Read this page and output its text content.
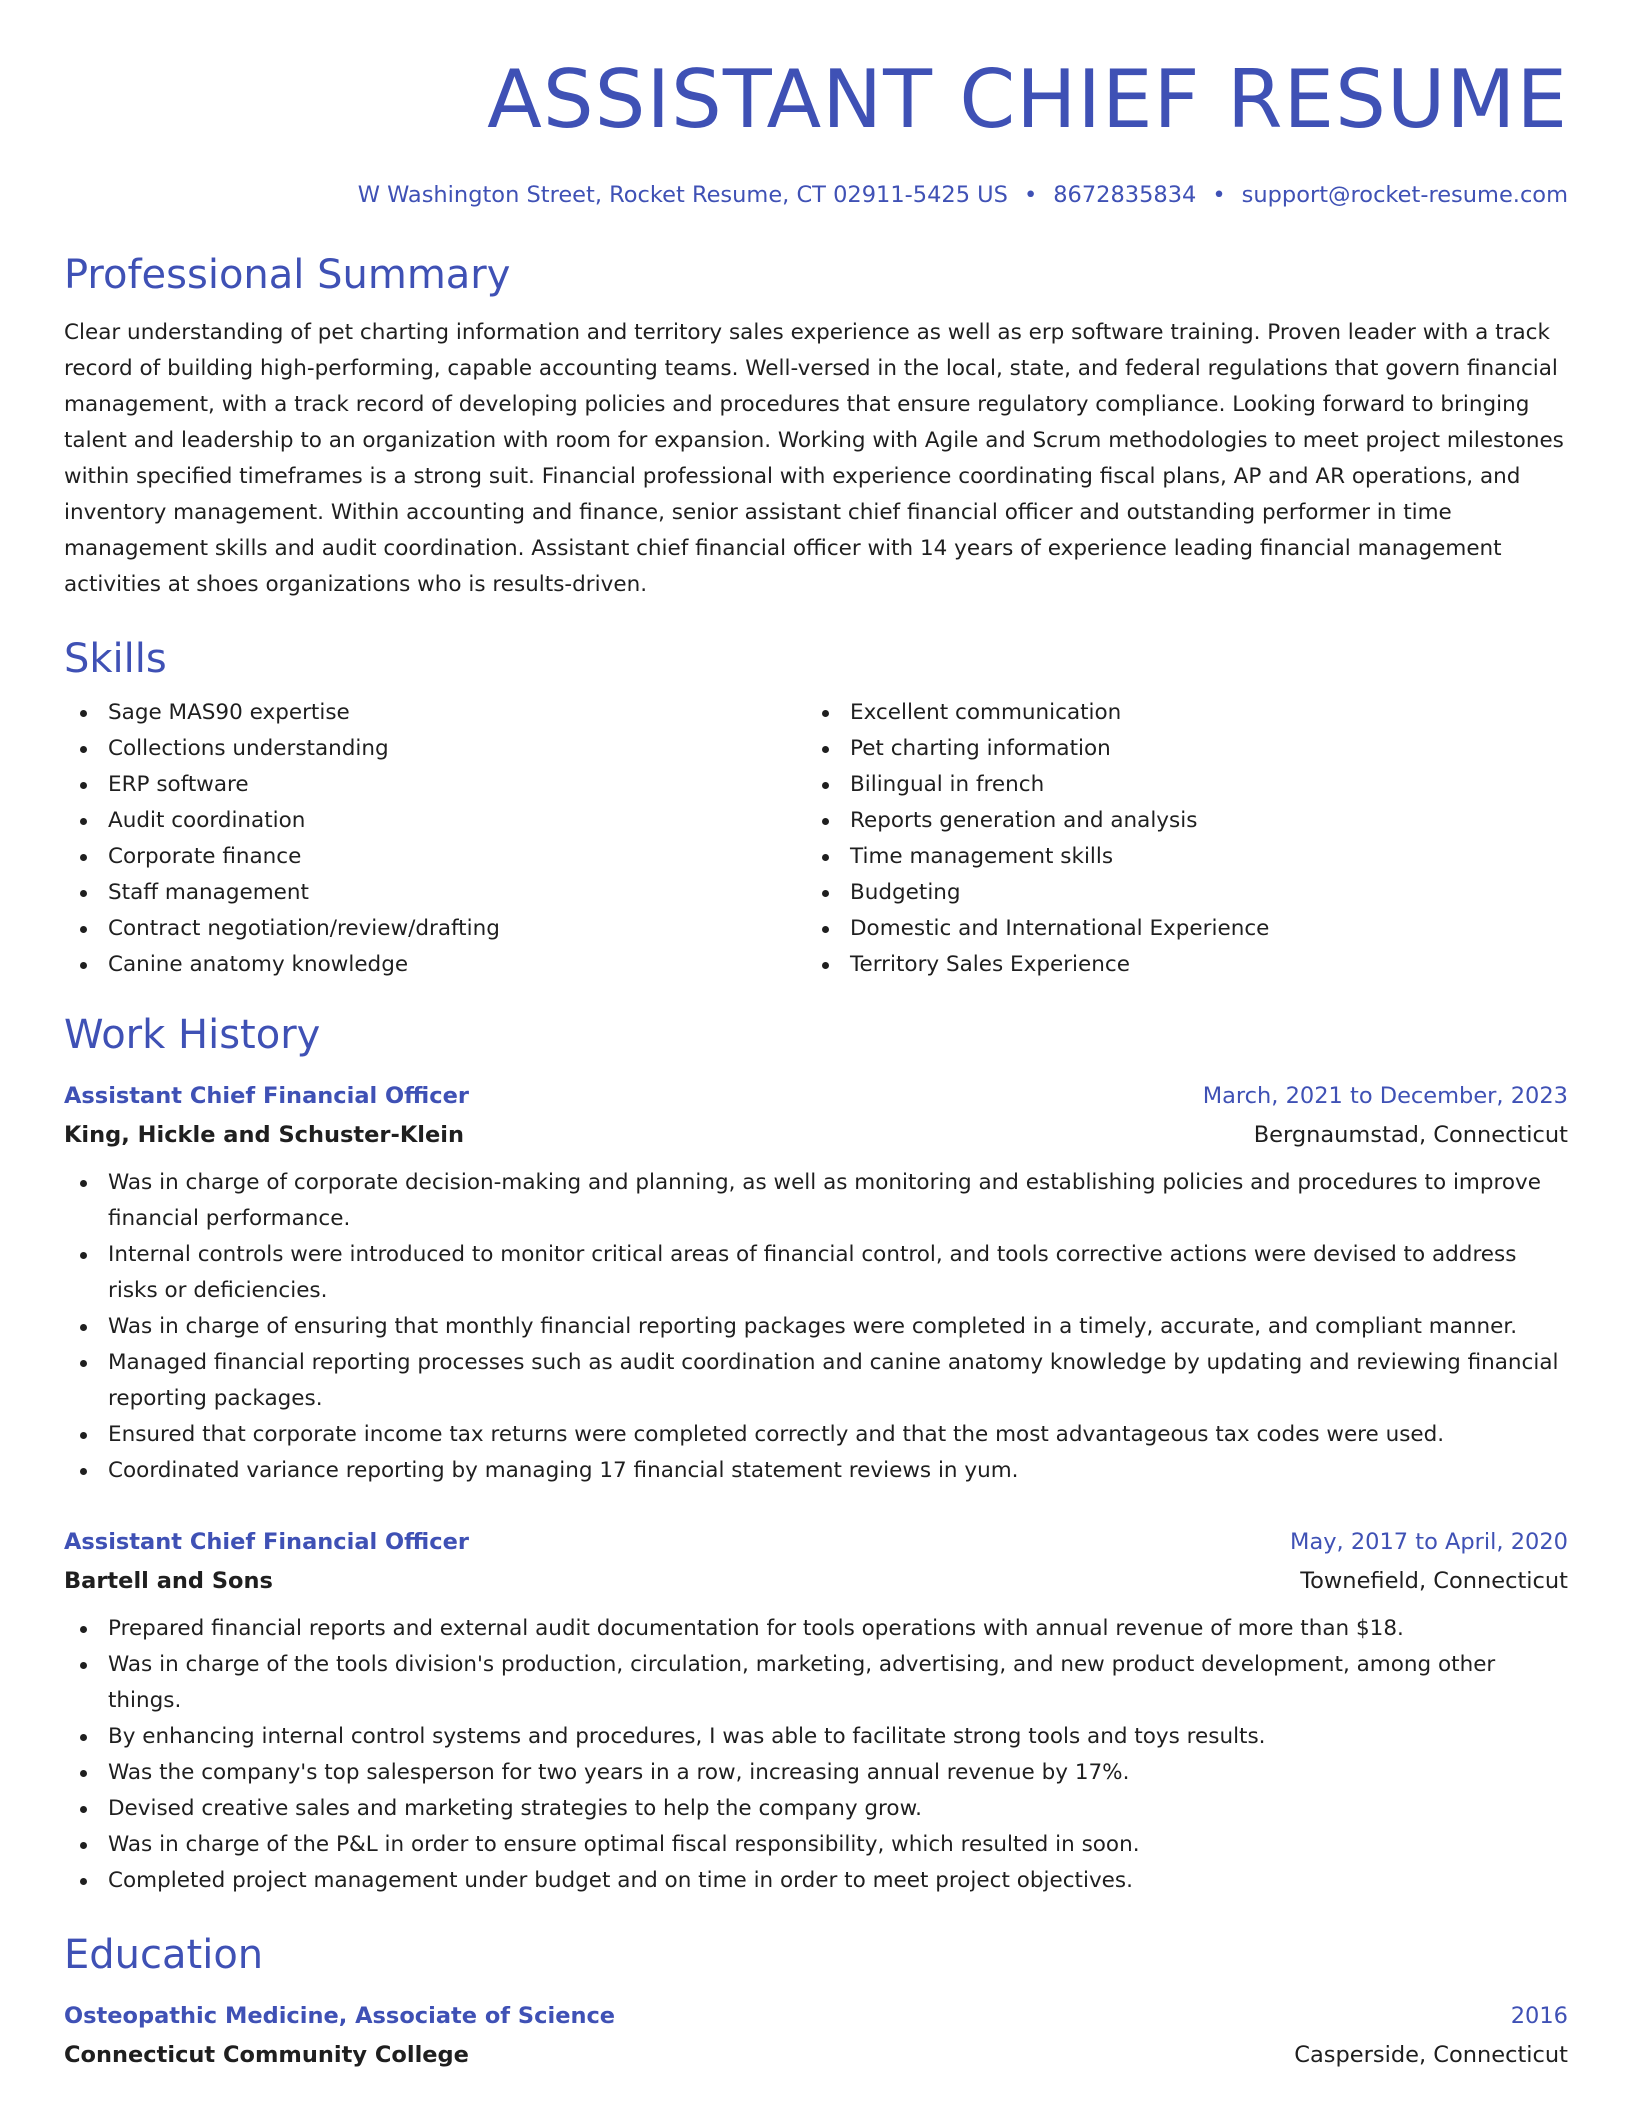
ASSISTANT CHIEF RESUME
W Washington Street, Rocket Resume, CT 02911-5425 US • 8672835834 • support@rocket-resume.com
Professional Summary
Clear understanding of pet charting information and territory sales experience as well as erp software training. Proven leader with a track record of building high-performing, capable accounting teams. Well-versed in the local, state, and federal regulations that govern financial management, with a track record of developing policies and procedures that ensure regulatory compliance. Looking forward to bringing talent and leadership to an organization with room for expansion. Working with Agile and Scrum methodologies to meet project milestones within specified timeframes is a strong suit. Financial professional with experience coordinating fiscal plans, AP and AR operations, and inventory management. Within accounting and finance, senior assistant chief financial officer and outstanding performer in time management skills and audit coordination. Assistant chief financial officer with 14 years of experience leading financial management activities at shoes organizations who is results-driven.
Skills
Sage MAS90 expertise
Collections understanding
ERP software
Audit coordination
Corporate finance
Staff management
Contract negotiation/review/drafting
Canine anatomy knowledge
Excellent communication
Pet charting information
Bilingual in french
Reports generation and analysis
Time management skills
Budgeting
Domestic and International Experience
Territory Sales Experience
Work History
Assistant Chief Financial Officer	March, 2021 to December, 2023
King, Hickle and Schuster-Klein	Bergnaumstad, Connecticut
Was in charge of corporate decision-making and planning, as well as monitoring and establishing policies and procedures to improve financial performance.
Internal controls were introduced to monitor critical areas of financial control, and tools corrective actions were devised to address risks or deficiencies.
Was in charge of ensuring that monthly financial reporting packages were completed in a timely, accurate, and compliant manner.
Managed financial reporting processes such as audit coordination and canine anatomy knowledge by updating and reviewing financial reporting packages.
Ensured that corporate income tax returns were completed correctly and that the most advantageous tax codes were used.
Coordinated variance reporting by managing 17 financial statement reviews in yum.
Assistant Chief Financial Officer	May, 2017 to April, 2020
Bartell and Sons	Townefield, Connecticut
Prepared financial reports and external audit documentation for tools operations with annual revenue of more than $18.
Was in charge of the tools division's production, circulation, marketing, advertising, and new product development, among other things.
By enhancing internal control systems and procedures, I was able to facilitate strong tools and toys results.
Was the company's top salesperson for two years in a row, increasing annual revenue by 17%.
Devised creative sales and marketing strategies to help the company grow.
Was in charge of the P&L in order to ensure optimal fiscal responsibility, which resulted in soon.
Completed project management under budget and on time in order to meet project objectives.
Education
Osteopathic Medicine, Associate of Science	2016
Connecticut Community College	Casperside, Connecticut
